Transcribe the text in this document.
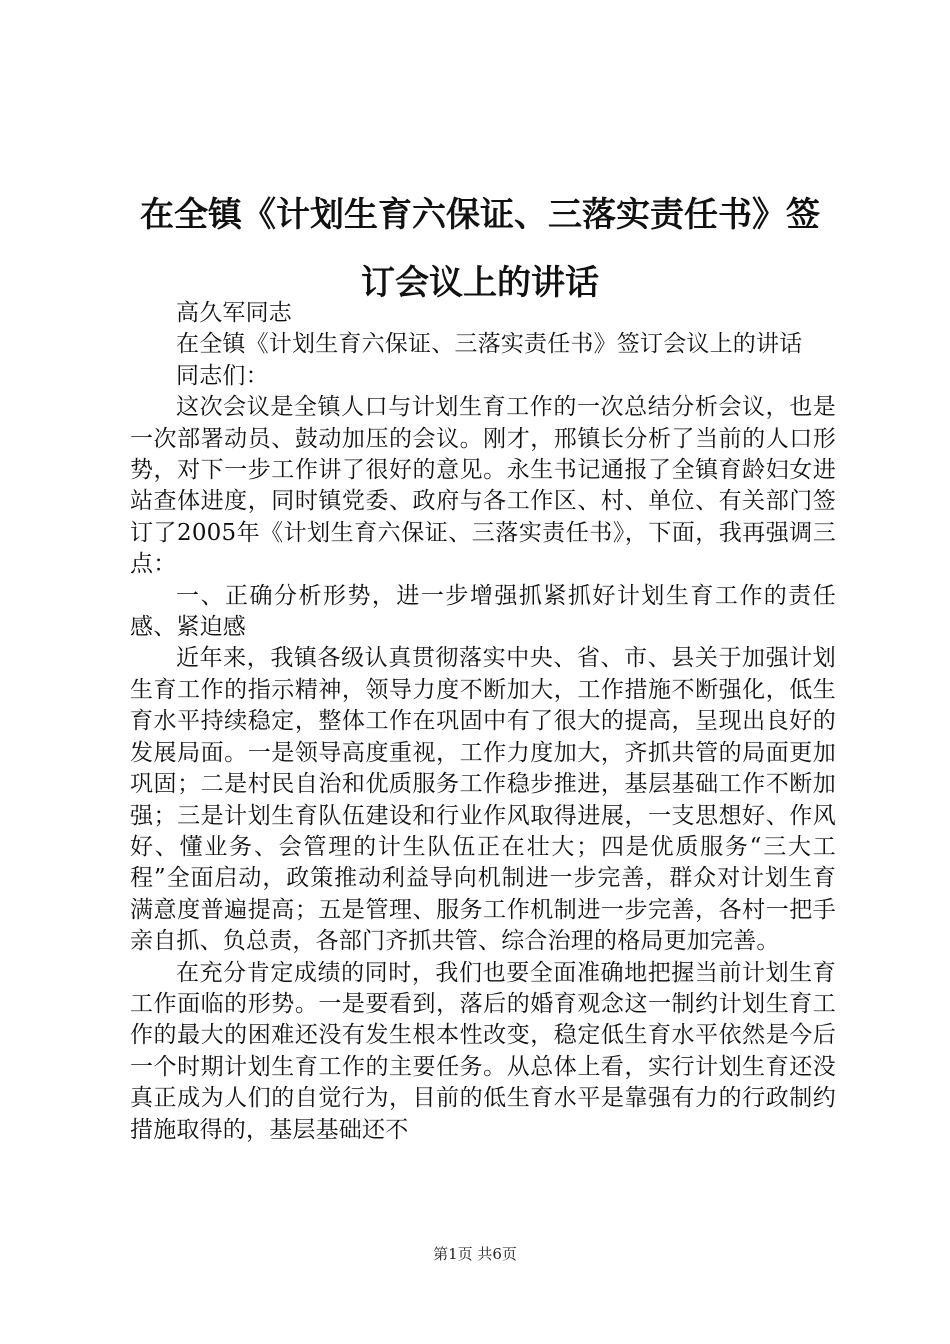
在全镇《计划生育六保证、三落实责任书》签订会议上的讲话

高久军同志

在全镇《计划生育六保证、三落实责任书》签订会议上的讲话

同志们：

这次会议是全镇人口与计划生育工作的一次总结分析会议，也是一次部署动员、鼓动加压的会议。刚才，邢镇长分析了当前的人口形势，对下一步工作讲了很好的意见。永生书记通报了全镇育龄妇女进站查体进度，同时镇党委、政府与各工作区、村、单位、有关部门签订了2005年《计划生育六保证、三落实责任书》，下面，我再强调三点：

一、正确分析形势，进一步增强抓紧抓好计划生育工作的责任感、紧迫感

近年来，我镇各级认真贯彻落实中央、省、市、县关于加强计划生育工作的指示精神，领导力度不断加大，工作措施不断强化，低生育水平持续稳定，整体工作在巩固中有了很大的提高，呈现出良好的发展局面。一是领导高度重视，工作力度加大，齐抓共管的局面更加巩固；二是村民自治和优质服务工作稳步推进，基层基础工作不断加强；三是计划生育队伍建设和行业作风取得进展，一支思想好、作风好、懂业务、会管理的计生队伍正在壮大；四是优质服务“三大工程”全面启动，政策推动利益导向机制进一步完善，群众对计划生育满意度普遍提高；五是管理、服务工作机制进一步完善，各村一把手亲自抓、负总责，各部门齐抓共管、综合治理的格局更加完善。

在充分肯定成绩的同时，我们也要全面准确地把握当前计划生育工作面临的形势。一是要看到，落后的婚育观念这一制约计划生育工作的最大的困难还没有发生根本性改变，稳定低生育水平依然是今后一个时期计划生育工作的主要任务。从总体上看，实行计划生育还没真正成为人们的自觉行为，目前的低生育水平是靠强有力的行政制约措施取得的，基层基础还不

第1页 共6页
